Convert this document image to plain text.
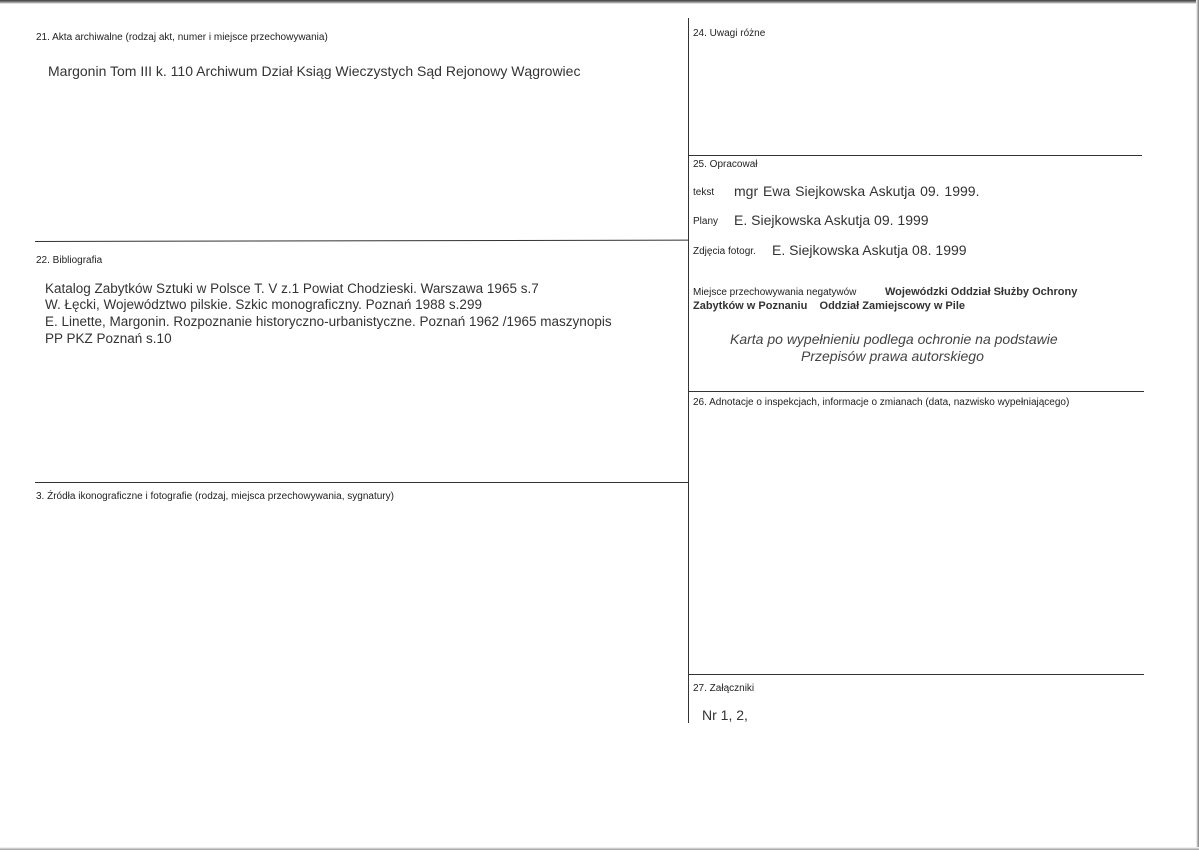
21. Akta archiwalne (rodzaj akt, numer i miejsce przechowywania)
Margonin Tom III k. 110 Archiwum Dział Ksiąg Wieczystych Sąd Rejonowy Wągrowiec
22. Bibliografia
Katalog Zabytków Sztuki w Polsce T. V z.1 Powiat Chodzieski. Warszawa 1965 s.7
W. Łęcki, Województwo pilskie. Szkic monograficzny. Poznań 1988 s.299
E. Linette, Margonin. Rozpoznanie historyczno-urbanistyczne. Poznań 1962 /1965 maszynopis
PP PKZ Poznań s.10
3. Źródła ikonograficzne i fotografie (rodzaj, miejsca przechowywania, sygnatury)
24. Uwagi różne
25. Opracował
tekst mgr Ewa Siejkowska Askutja 09. 1999.
Plany E. Siejkowska Askutja 09. 1999
Zdjęcia fotogr. E. Siejkowska Askutja 08. 1999
Miejsce przechowywania negatywów	Wojewódzki Oddział Służby Ochrony
Zabytków w Poznaniu    Oddział Zamiejscowy w Pile
Karta po wypełnieniu podlega ochronie na podstawie
Przepisów prawa autorskiego
26. Adnotacje o inspekcjach, informacje o zmianach (data, nazwisko wypełniającego)
27. Załączniki
Nr 1, 2,
